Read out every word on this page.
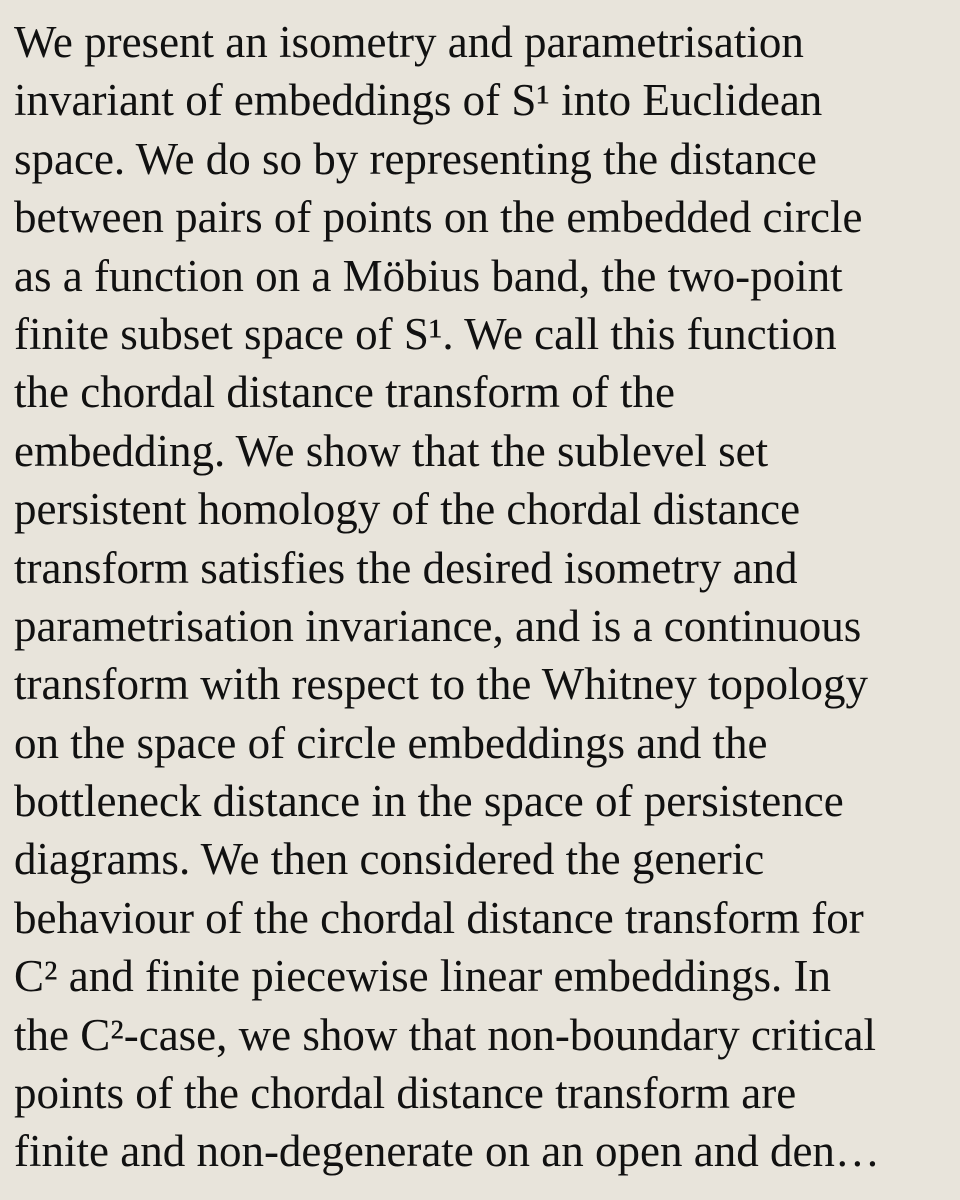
We present an isometry and parametrisation
invariant of embeddings of S¹ into Euclidean
space. We do so by representing the distance
between pairs of points on the embedded circle
as a function on a Möbius band, the two-point
finite subset space of S¹. We call this function
the chordal distance transform of the
embedding. We show that the sublevel set
persistent homology of the chordal distance
transform satisfies the desired isometry and
parametrisation invariance, and is a continuous
transform with respect to the Whitney topology
on the space of circle embeddings and the
bottleneck distance in the space of persistence
diagrams. We then considered the generic
behaviour of the chordal distance transform for
C² and finite piecewise linear embeddings. In
the C²-case, we show that non-boundary critical
points of the chordal distance transform are
finite and non-degenerate on an open and den…
